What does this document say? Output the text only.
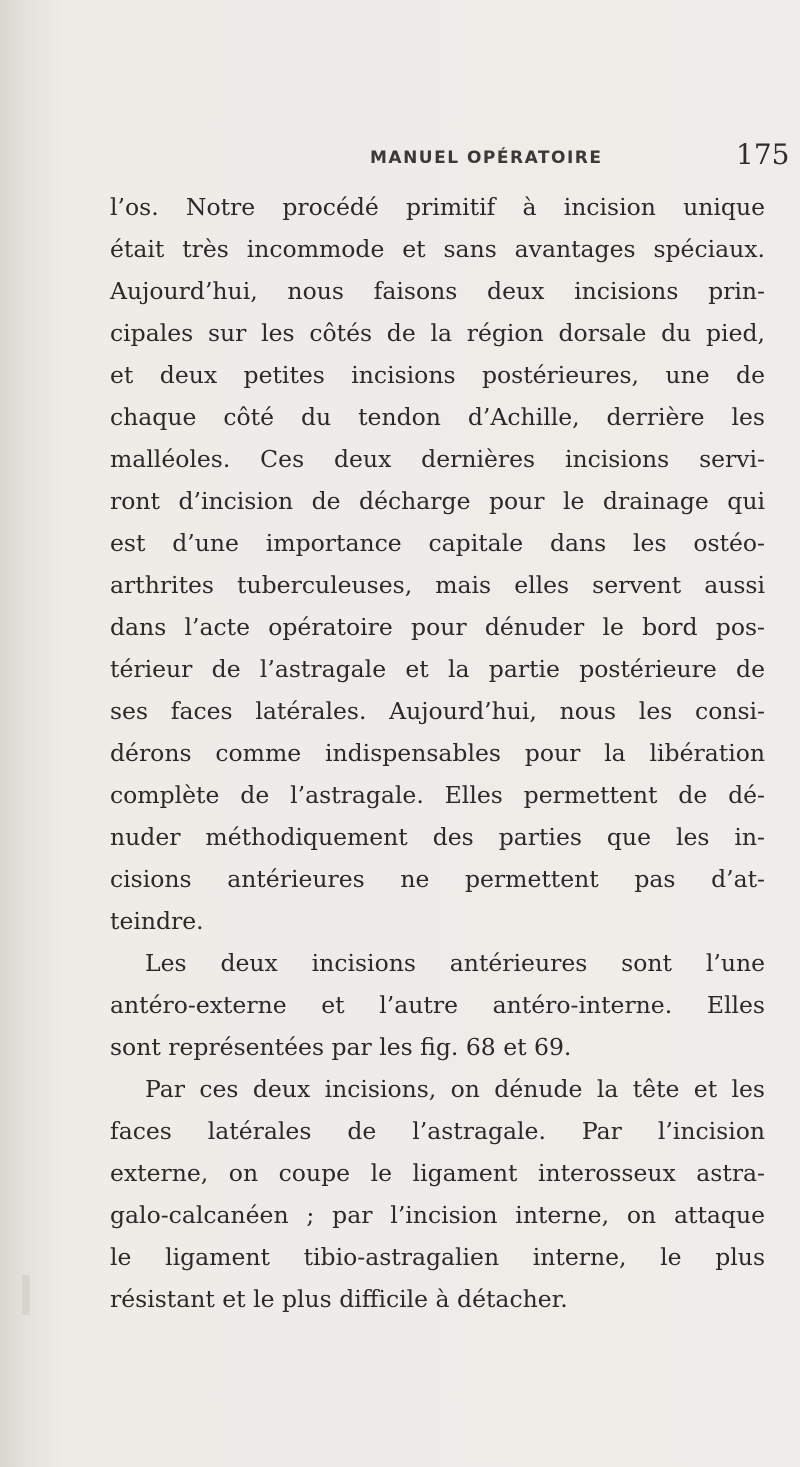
MANUEL OPÉRATOIRE	175

l’os. Notre procédé primitif à incision unique
était très incommode et sans avantages spéciaux.
Aujourd’hui, nous faisons deux incisions prin-
cipales sur les côtés de la région dorsale du pied,
et deux petites incisions postérieures, une de
chaque côté du tendon d’Achille, derrière les
malléoles. Ces deux dernières incisions servi-
ront d’incision de décharge pour le drainage qui
est d’une importance capitale dans les ostéo-
arthrites tuberculeuses, mais elles servent aussi
dans l’acte opératoire pour dénuder le bord pos-
térieur de l’astragale et la partie postérieure de
ses faces latérales. Aujourd’hui, nous les consi-
dérons comme indispensables pour la libération
complète de l’astragale. Elles permettent de dé-
nuder méthodiquement des parties que les in-
cisions antérieures ne permettent pas d’at-
teindre.

Les deux incisions antérieures sont l’une
antéro-externe et l’autre antéro-interne. Elles
sont représentées par les fig. 68 et 69.

Par ces deux incisions, on dénude la tête et les
faces latérales de l’astragale. Par l’incision
externe, on coupe le ligament interosseux astra-
galo-calcanéen ; par l’incision interne, on attaque
le ligament tibio-astragalien interne, le plus
résistant et le plus difficile à détacher.
